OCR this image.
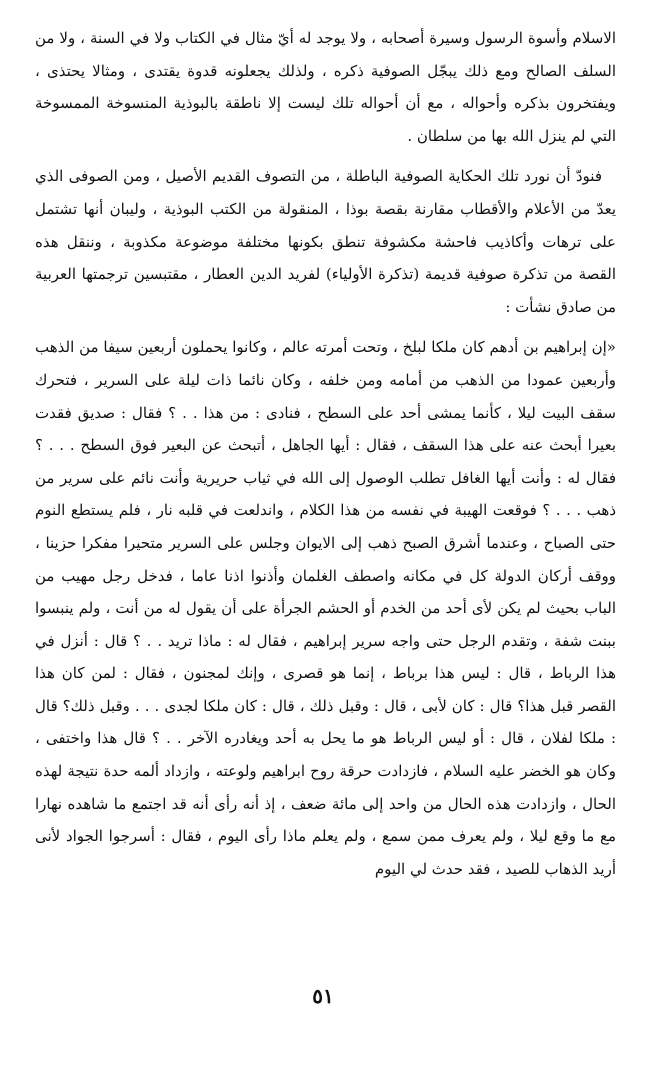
الاسلام وأسوة الرسول وسيرة أصحابه ، ولا يوجد له أيّ مثال في الكتاب ولا في السنة ، ولا من السلف الصالح ومع ذلك يبجّل الصوفية ذكره ، ولذلك يجعلونه قدوة يقتدى ، ومثالا يحتذى ، ويفتخرون بذكره وأحواله ، مع أن أحواله تلك ليست إلا ناطقة بالبوذية المنسوخة الممسوخة التي لم ينزل الله بها من سلطان .

فنودّ أن نورد تلك الحكاية الصوفية الباطلة ، من التصوف القديم الأصيل ، ومن الصوفى الذي يعدّ من الأعلام والأقطاب مقارنة بقصة بوذا ، المنقولة من الكتب البوذية ، وليبان أنها تشتمل على ترهات وأكاذيب فاحشة مكشوفة تنطق بكونها مختلفة موضوعة مكذوبة ، وننقل هذه القصة من تذكرة صوفية قديمة (تذكرة الأولياء) لفريد الدين العطار ، مقتبسين ترجمتها العربية من صادق نشأت :

«إن إبراهيم بن أدهم كان ملكا لبلخ ، وتحت أمرته عالم ، وكانوا يحملون أربعين سيفا من الذهب وأربعين عمودا من الذهب من أمامه ومن خلفه ، وكان نائما ذات ليلة على السرير ، فتحرك سقف البيت ليلا ، كأنما يمشى أحد على السطح ، فنادى : من هذا . . ؟ فقال : صديق فقدت بعيرا أبحث عنه على هذا السقف ، فقال : أيها الجاهل ، أتبحث عن البعير فوق السطح . . . ؟ فقال له : وأنت أيها الغافل تطلب الوصول إلى الله في ثياب حريرية وأنت نائم على سرير من ذهب . . . ؟ فوقعت الهيبة في نفسه من هذا الكلام ، واندلعت في قلبه نار ، فلم يستطع النوم حتى الصباح ، وعندما أشرق الصبح ذهب إلى الايوان وجلس على السرير متحيرا مفكرا حزينا ، ووقف أركان الدولة كل في مكانه واصطف الغلمان وأذنوا اذنا عاما ، فدخل رجل مهيب من الباب بحيث لم يكن لأى أحد من الخدم أو الحشم الجرأة على أن يقول له من أنت ، ولم ينبسوا ببنت شفة ، وتقدم الرجل حتى واجه سرير إبراهيم ، فقال له : ماذا تريد . . ؟ قال : أنزل في هذا الرباط ، قال : ليس هذا برباط ، إنما هو قصرى ، وإنك لمجنون ، فقال : لمن كان هذا القصر قبل هذا؟ قال : كان لأبى ، قال : وقبل ذلك ، قال : كان ملكا لجدى . . . وقبل ذلك؟ قال : ملكا لفلان ، قال : أو ليس الرباط هو ما يحل به أحد ويغادره الآخر . . ؟ قال هذا واختفى ، وكان هو الخضر عليه السلام ، فازدادت حرقة روح ابراهيم ولوعته ، وازداد ألمه حدة نتيجة لهذه الحال ، وازدادت هذه الحال من واحد إلى مائة ضعف ، إذ أنه رأى أنه قد اجتمع ما شاهده نهارا مع ما وقع ليلا ، ولم يعرف ممن سمع ، ولم يعلم ماذا رأى اليوم ، فقال : أسرجوا الجواد لأنى أريد الذهاب للصيد ، فقد حدث لي اليوم

٥١
